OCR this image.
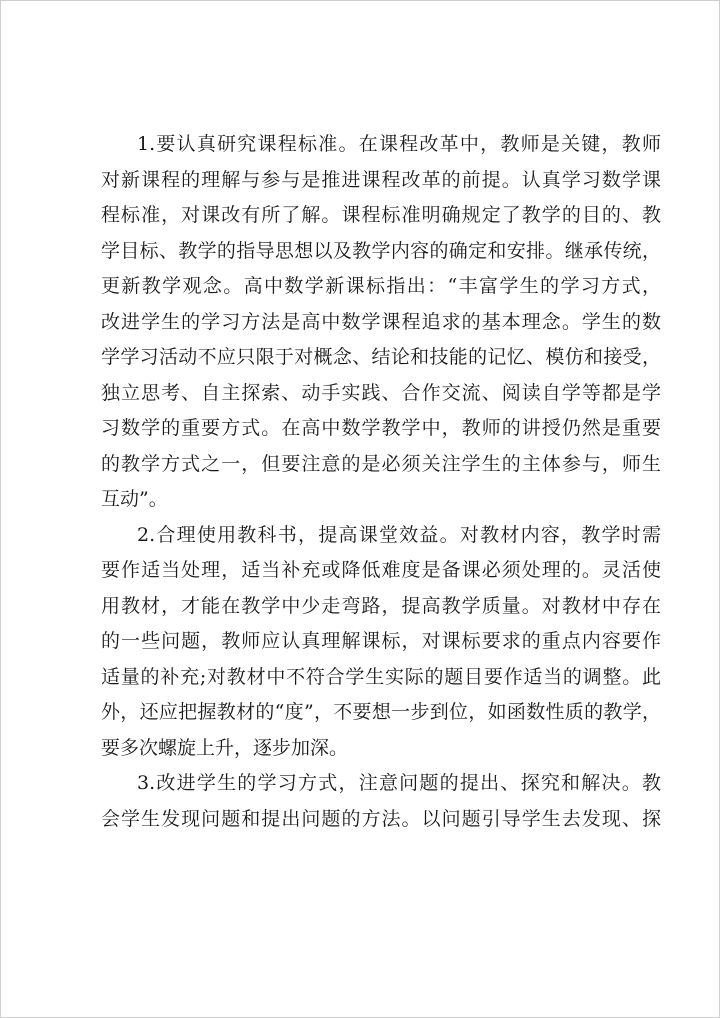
1.要认真研究课程标准。在课程改革中，教师是关键，教师
对新课程的理解与参与是推进课程改革的前提。认真学习数学课
程标准，对课改有所了解。课程标准明确规定了教学的目的、教
学目标、教学的指导思想以及教学内容的确定和安排。继承传统，
更新教学观念。高中数学新课标指出：“丰富学生的学习方式，
改进学生的学习方法是高中数学课程追求的基本理念。学生的数
学学习活动不应只限于对概念、结论和技能的记忆、模仿和接受，
独立思考、自主探索、动手实践、合作交流、阅读自学等都是学
习数学的重要方式。在高中数学教学中，教师的讲授仍然是重要
的教学方式之一，但要注意的是必须关注学生的主体参与，师生
互动”。
2.合理使用教科书，提高课堂效益。对教材内容，教学时需
要作适当处理，适当补充或降低难度是备课必须处理的。灵活使
用教材，才能在教学中少走弯路，提高教学质量。对教材中存在
的一些问题，教师应认真理解课标，对课标要求的重点内容要作
适量的补充;对教材中不符合学生实际的题目要作适当的调整。此
外，还应把握教材的“度”，不要想一步到位，如函数性质的教学，
要多次螺旋上升，逐步加深。
3.改进学生的学习方式，注意问题的提出、探究和解决。教
会学生发现问题和提出问题的方法。以问题引导学生去发现、探
